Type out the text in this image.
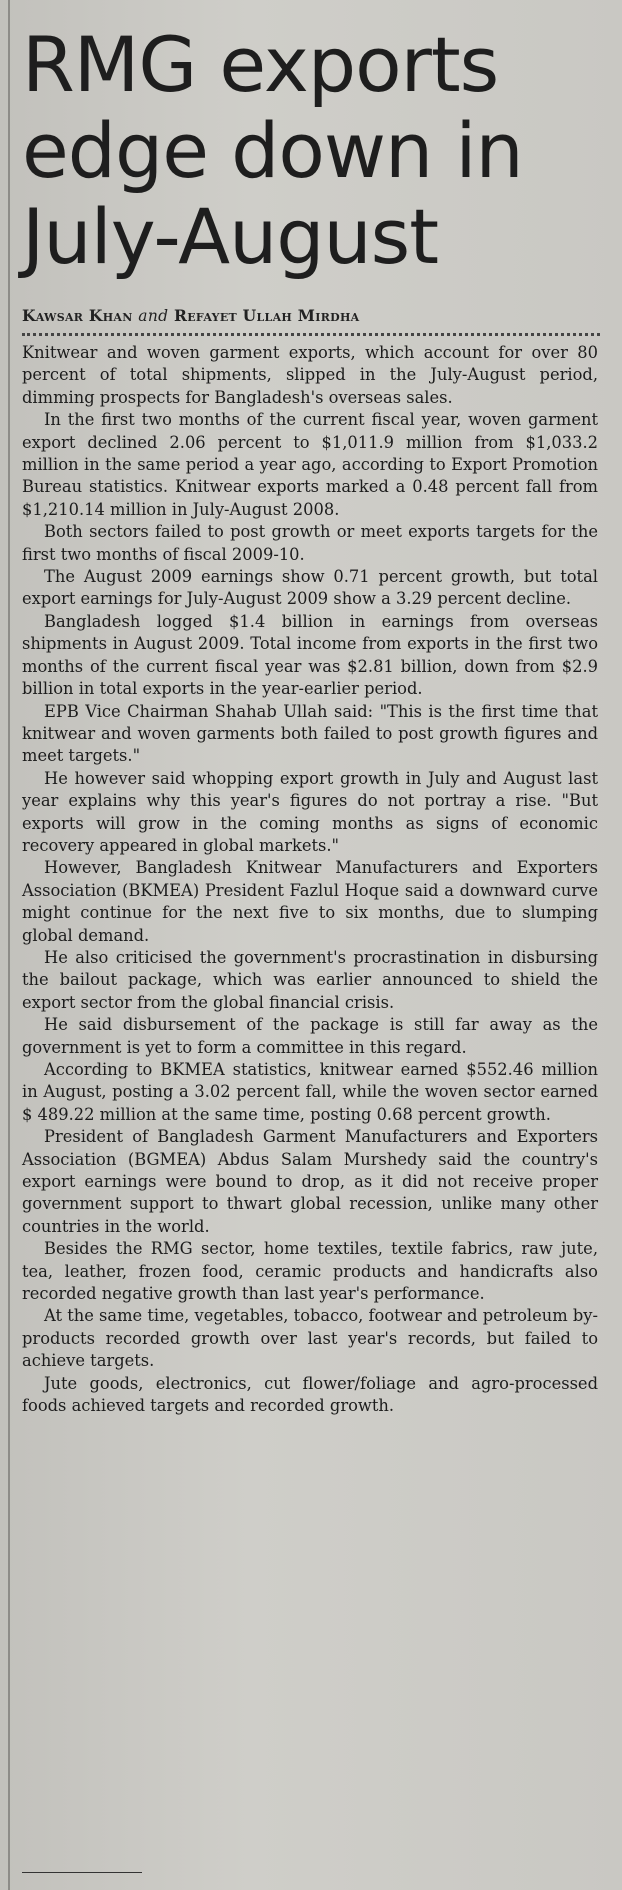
RMG exports
edge down in
July-August
Kawsar Khan and Refayet Ullah Mirdha

Knitwear and woven garment exports, which account for over 80 percent of total shipments, slipped in the July-August period, dimming prospects for Bangladesh's overseas sales.

In the first two months of the current fiscal year, woven garment export declined 2.06 percent to $1,011.9 million from $1,033.2 million in the same period a year ago, according to Export Promotion Bureau statistics. Knitwear exports marked a 0.48 percent fall from $1,210.14 million in July-August 2008.

Both sectors failed to post growth or meet exports targets for the first two months of fiscal 2009-10.

The August 2009 earnings show 0.71 percent growth, but total export earnings for July-August 2009 show a 3.29 percent decline.

Bangladesh logged $1.4 billion in earnings from overseas shipments in August 2009. Total income from exports in the first two months of the current fiscal year was $2.81 billion, down from $2.9 billion in total exports in the year-earlier period.

EPB Vice Chairman Shahab Ullah said: "This is the first time that knitwear and woven garments both failed to post growth figures and meet targets."

He however said whopping export growth in July and August last year explains why this year's figures do not portray a rise. "But exports will grow in the coming months as signs of economic recovery appeared in global markets."

However, Bangladesh Knitwear Manufacturers and Exporters Association (BKMEA) President Fazlul Hoque said a downward curve might continue for the next five to six months, due to slumping global demand.

He also criticised the government's procrastination in disbursing the bailout package, which was earlier announced to shield the export sector from the global financial crisis.

He said disbursement of the package is still far away as the government is yet to form a committee in this regard.

According to BKMEA statistics, knitwear earned $552.46 million in August, posting a 3.02 percent fall, while the woven sector earned $ 489.22 million at the same time, posting 0.68 percent growth.

President of Bangladesh Garment Manufacturers and Exporters Association (BGMEA) Abdus Salam Murshedy said the country's export earnings were bound to drop, as it did not receive proper government support to thwart global recession, unlike many other countries in the world.

Besides the RMG sector, home textiles, textile fabrics, raw jute, tea, leather, frozen food, ceramic products and handicrafts also recorded negative growth than last year's performance.

At the same time, vegetables, tobacco, footwear and petroleum by-products recorded growth over last year's records, but failed to achieve targets.

Jute goods, electronics, cut flower/foliage and agro-processed foods achieved targets and recorded growth.
